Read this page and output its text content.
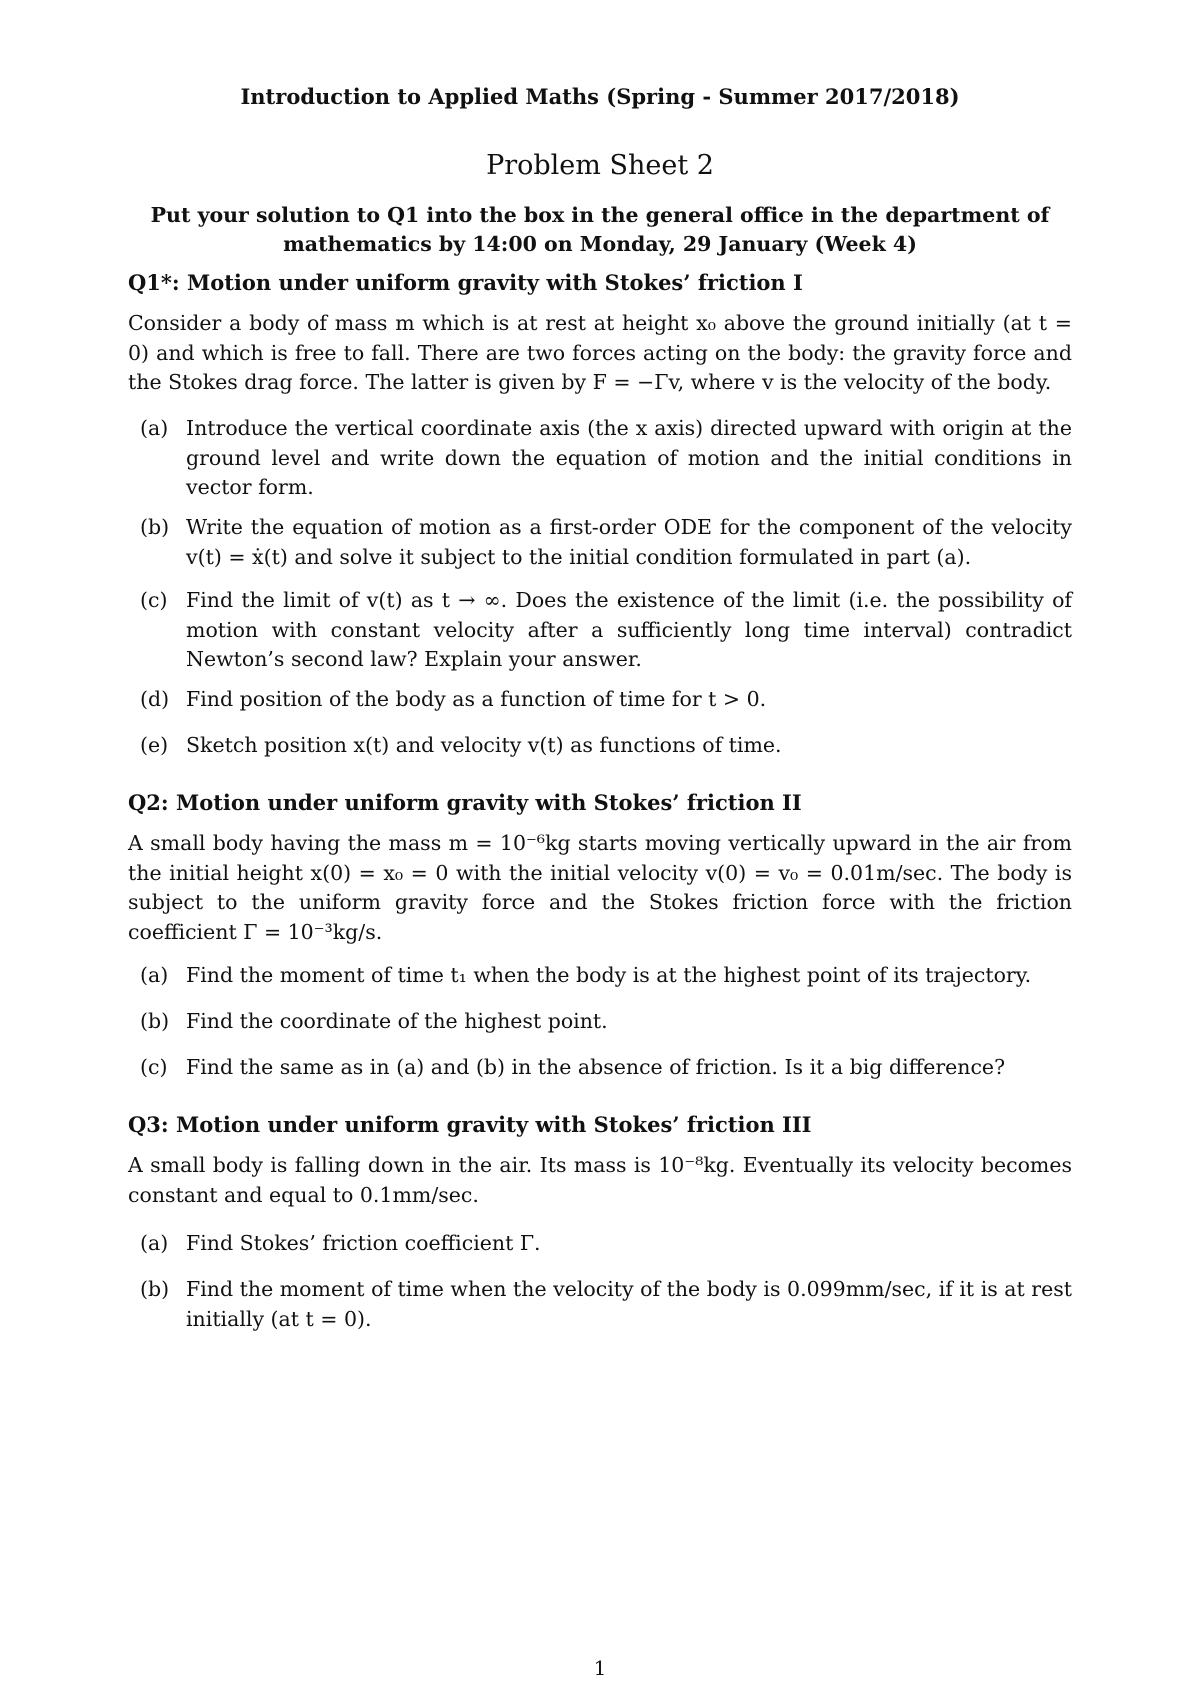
Introduction to Applied Maths (Spring - Summer 2017/2018)
Problem Sheet 2
Put your solution to Q1 into the box in the general office in the department of mathematics by 14:00 on Monday, 29 January (Week 4)
Q1*: Motion under uniform gravity with Stokes’ friction I
Consider a body of mass m which is at rest at height x₀ above the ground initially (at t = 0) and which is free to fall. There are two forces acting on the body: the gravity force and the Stokes drag force. The latter is given by F = −Γv, where v is the velocity of the body.
(a) Introduce the vertical coordinate axis (the x axis) directed upward with origin at the ground level and write down the equation of motion and the initial conditions in vector form.
(b) Write the equation of motion as a first-order ODE for the component of the velocity v(t) = ẋ(t) and solve it subject to the initial condition formulated in part (a).
(c) Find the limit of v(t) as t → ∞. Does the existence of the limit (i.e. the possibility of motion with constant velocity after a sufficiently long time interval) contradict Newton’s second law? Explain your answer.
(d) Find position of the body as a function of time for t > 0.
(e) Sketch position x(t) and velocity v(t) as functions of time.
Q2: Motion under uniform gravity with Stokes’ friction II
A small body having the mass m = 10⁻⁶kg starts moving vertically upward in the air from the initial height x(0) = x₀ = 0 with the initial velocity v(0) = v₀ = 0.01m/sec. The body is subject to the uniform gravity force and the Stokes friction force with the friction coefficient Γ = 10⁻³kg/s.
(a) Find the moment of time t₁ when the body is at the highest point of its trajectory.
(b) Find the coordinate of the highest point.
(c) Find the same as in (a) and (b) in the absence of friction. Is it a big difference?
Q3: Motion under uniform gravity with Stokes’ friction III
A small body is falling down in the air. Its mass is 10⁻⁸kg. Eventually its velocity becomes constant and equal to 0.1mm/sec.
(a) Find Stokes’ friction coefficient Γ.
(b) Find the moment of time when the velocity of the body is 0.099mm/sec, if it is at rest initially (at t = 0).
1
